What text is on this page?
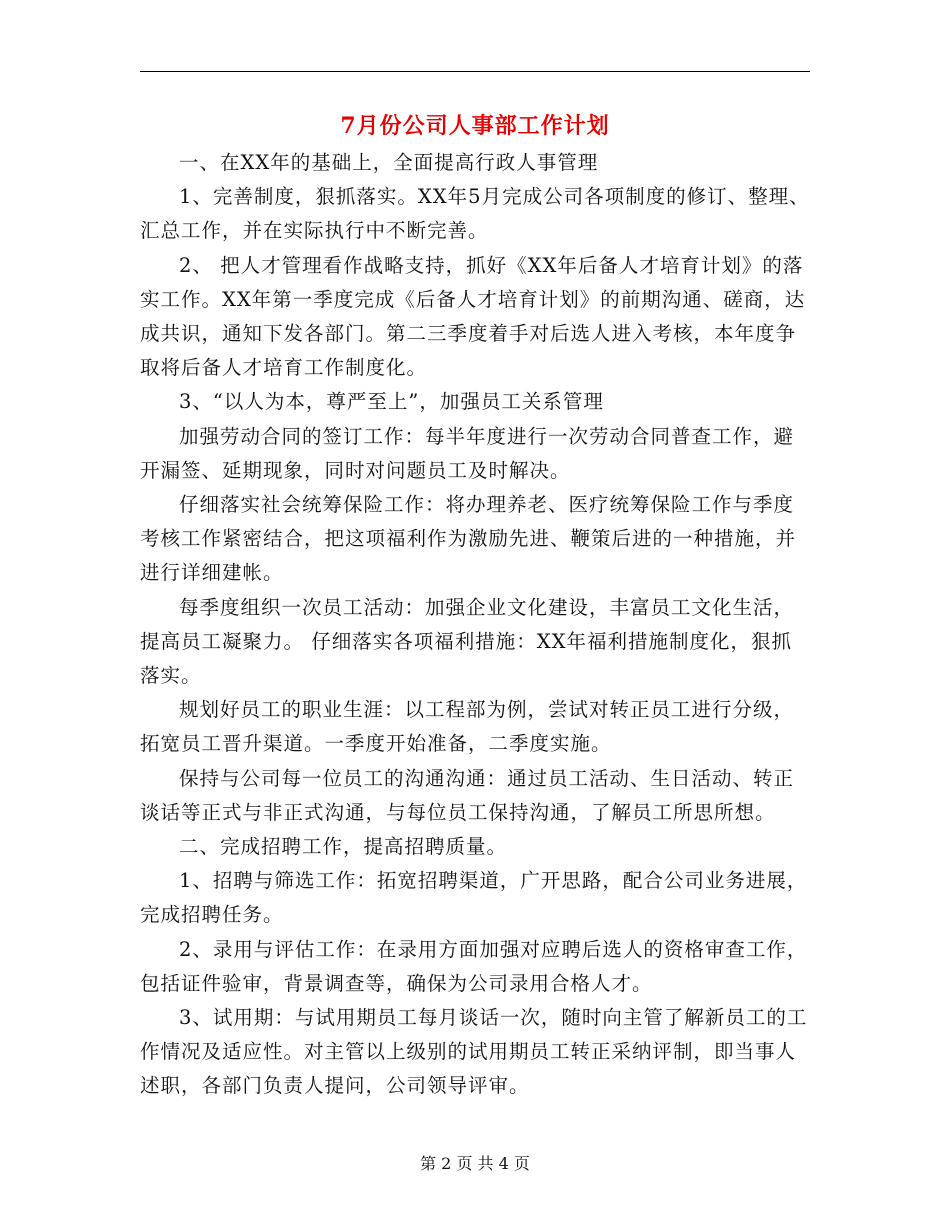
7月份公司人事部工作计划

一、在XX年的基础上，全面提高行政人事管理

1、完善制度，狠抓落实。XX年5月完成公司各项制度的修订、整理、汇总工作，并在实际执行中不断完善。

2、 把人才管理看作战略支持，抓好《XX年后备人才培育计划》的落实工作。XX年第一季度完成《后备人才培育计划》的前期沟通、磋商，达成共识，通知下发各部门。第二三季度着手对后选人进入考核，本年度争取将后备人才培育工作制度化。

3、“以人为本，尊严至上”，加强员工关系管理

加强劳动合同的签订工作：每半年度进行一次劳动合同普查工作，避开漏签、延期现象，同时对问题员工及时解决。

仔细落实社会统筹保险工作：将办理养老、医疗统筹保险工作与季度考核工作紧密结合，把这项福利作为激励先进、鞭策后进的一种措施，并进行详细建帐。

每季度组织一次员工活动：加强企业文化建设，丰富员工文化生活，提高员工凝聚力。 仔细落实各项福利措施：XX年福利措施制度化，狠抓落实。

规划好员工的职业生涯：以工程部为例，尝试对转正员工进行分级，拓宽员工晋升渠道。一季度开始准备，二季度实施。

保持与公司每一位员工的沟通沟通：通过员工活动、生日活动、转正谈话等正式与非正式沟通，与每位员工保持沟通，了解员工所思所想。

二、完成招聘工作，提高招聘质量。

1、招聘与筛选工作：拓宽招聘渠道，广开思路，配合公司业务进展，完成招聘任务。

2、录用与评估工作：在录用方面加强对应聘后选人的资格审查工作，包括证件验审，背景调查等，确保为公司录用合格人才。

3、试用期：与试用期员工每月谈话一次，随时向主管了解新员工的工作情况及适应性。对主管以上级别的试用期员工转正采纳评制，即当事人述职，各部门负责人提问，公司领导评审。

第 2 页 共 4 页
